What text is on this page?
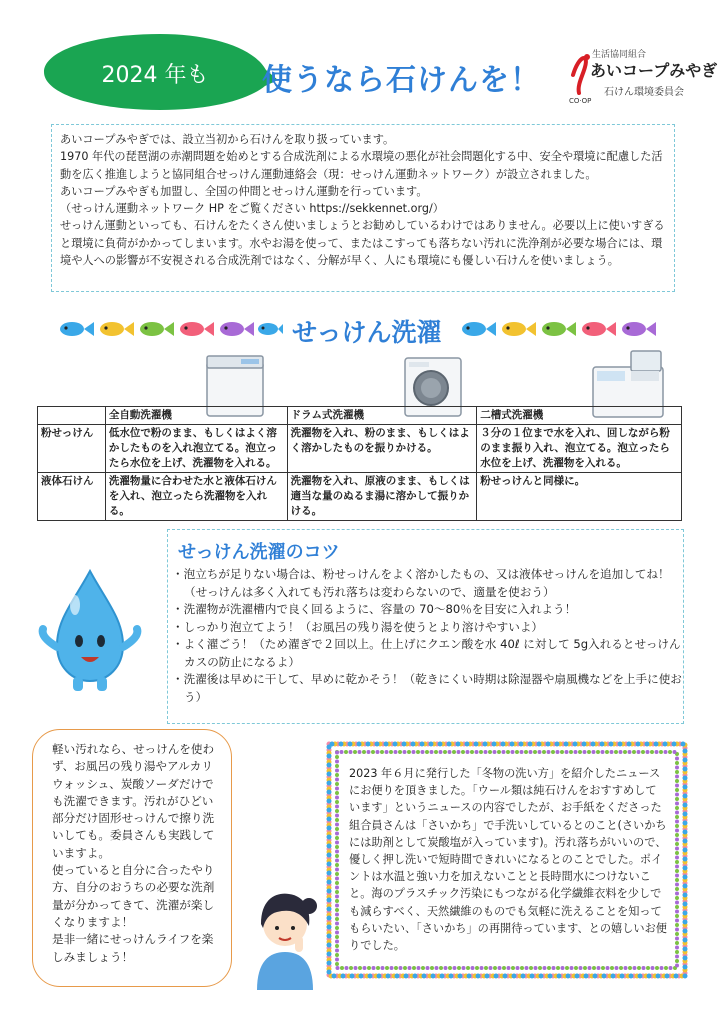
2024 年も	使うなら石けんを！
CO·OP
生活協同組合
あいコープみやぎ
石けん環境委員会

あいコープみやぎでは、設立当初から石けんを取り扱っています。

1970 年代の琵琶湖の赤潮問題を始めとする合成洗剤による水環境の悪化が社会問題化する中、安全や環境に配慮した活動を広く推進しようと協同組合せっけん運動連絡会（現：せっけん運動ネットワーク）が設立されました。

あいコープみやぎも加盟し、全国の仲間とせっけん運動を行っています。

（せっけん運動ネットワーク HP をご覧ください https://sekkennet.org/）

せっけん運動といっても、石けんをたくさん使いましょうとお勧めしているわけではありません。必要以上に使いすぎると環境に負荷がかかってしまいます。水やお湯を使って、またはこすっても落ちない汚れに洗浄剤が必要な場合には、環境や人への影響が不安視される合成洗剤ではなく、分解が早く、人にも環境にも優しい石けんを使いましょう。

せっけん洗濯
	全自動洗濯機	ドラム式洗濯機	二槽式洗濯機
粉せっけん	低水位で粉のまま、もしくはよく溶かしたものを入れ泡立てる。泡立ったら水位を上げ、洗濯物を入れる。	洗濯物を入れ、粉のまま、もしくはよく溶かしたものを振りかける。	３分の１位まで水を入れ、回しながら粉のまま振り入れ、泡立てる。泡立ったら水位を上げ、洗濯物を入れる。
液体石けん	洗濯物量に合わせた水と液体石けんを入れ、泡立ったら洗濯物を入れる。	洗濯物を入れ、原液のまま、もしくは適当な量のぬるま湯に溶かして振りかける。	粉せっけんと同様に。
せっけん洗濯のコツ
・泡立ちが足りない場合は、粉せっけんをよく溶かしたもの、又は液体せっけんを追加してね！（せっけんは多く入れても汚れ落ちは変わらないので、適量を使おう）
・洗濯物が洗濯槽内で良く回るように、容量の 70～80％を目安に入れよう！
・しっかり泡立てよう！（お風呂の残り湯を使うとより溶けやすいよ）
・よく濯ごう！（ため濯ぎで２回以上。仕上げにクエン酸を水 40ℓ に対して 5g入れるとせっけんカスの防止になるよ）
・洗濯後は早めに干して、早めに乾かそう！（乾きにくい時期は除湿器や扇風機などを上手に使おう）

軽い汚れなら、せっけんを使わず、お風呂の残り湯やアルカリウォッシュ、炭酸ソーダだけでも洗濯できます。汚れがひどい部分だけ固形せっけんで擦り洗いしても。委員さんも実践していますよ。

使っていると自分に合ったやり方、自分のおうちの必要な洗剤量が分かってきて、洗濯が楽しくなりますよ！

是非一緒にせっけんライフを楽しみましょう！

2023 年６月に発行した「冬物の洗い方」を紹介したニュースにお便りを頂きました。「ウール類は純石けんをおすすめしています」というニュースの内容でしたが、お手紙をくださった組合員さんは「さいかち」で手洗いしているとのこと(さいかちには助剤として炭酸塩が入っています)。汚れ落ちがいいので、優しく押し洗いで短時間できれいになるとのことでした。ポイントは水温と強い力を加えないことと長時間水につけないこと。海のプラスチック汚染にもつながる化学繊維衣料を少しでも減らすべく、天然繊維のものでも気軽に洗えることを知ってもらいたい、「さいかち」の再開待っています、との嬉しいお便りでした。
